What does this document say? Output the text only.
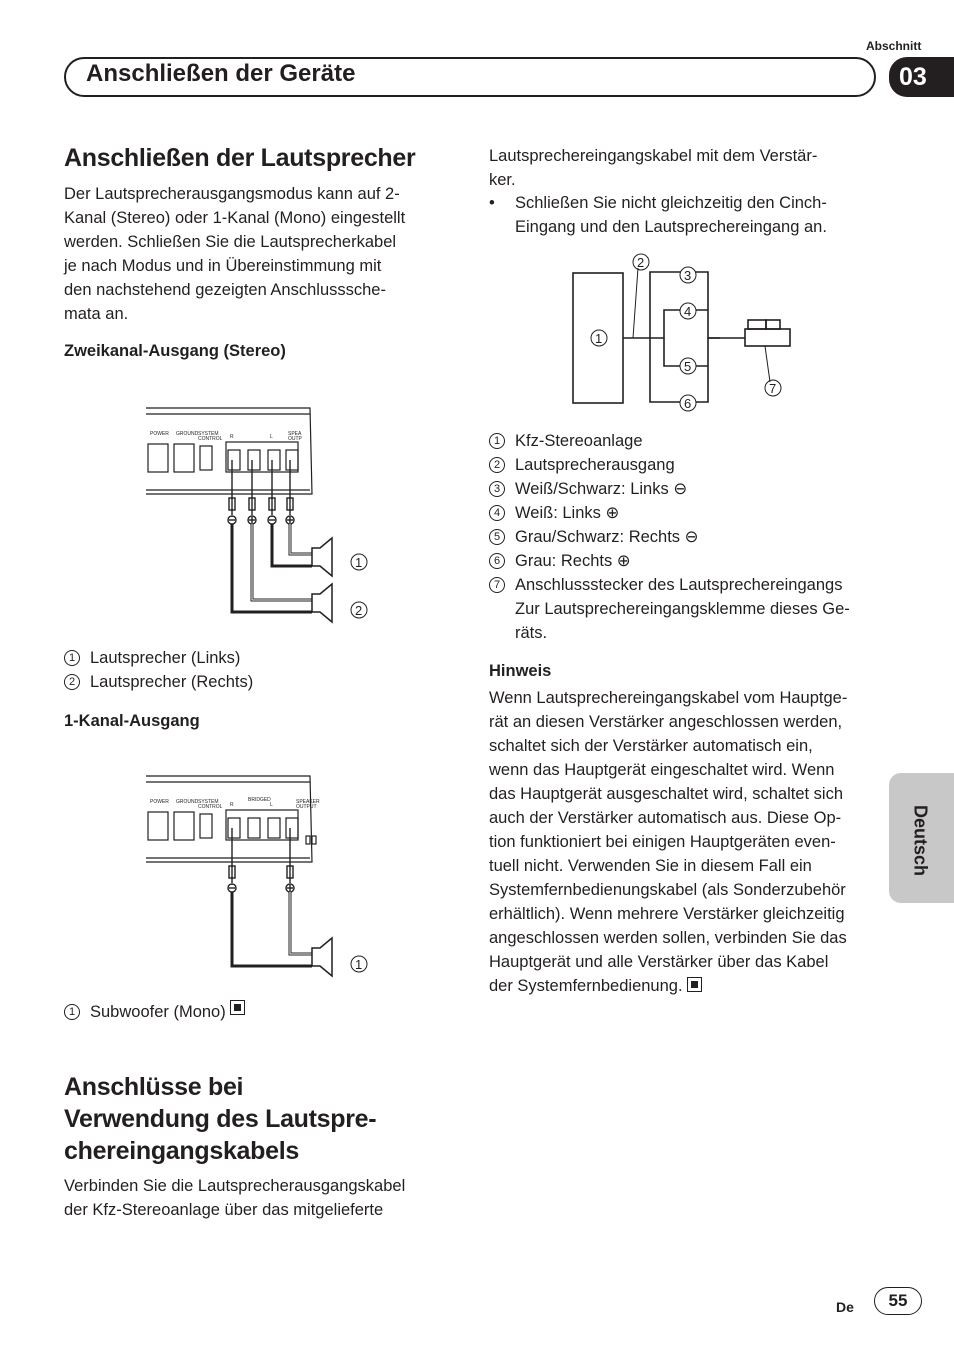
Abschnitt
Anschließen der Geräte	03
Anschließen der Lautsprecher
Der Lautsprecherausgangsmodus kann auf 2-
Kanal (Stereo) oder 1-Kanal (Mono) eingestellt
werden. Schließen Sie die Lautsprecherkabel
je nach Modus und in Übereinstimmung mit
den nachstehend gezeigten Anschlusssche-
mata an.
Zweikanal-Ausgang (Stereo)
POWER GROUND SYSTEM
CONTROL R	L	SPEA
OUTP
1
2
1 Lautsprecher (Links)
2 Lautsprecher (Rechts)
1-Kanal-Ausgang
POWER GROUND SYSTEM
CONTROL R
BRIDGED
L	SPEAKER
OUTPUT
1
1 Subwoofer (Mono)
Anschlüsse bei
Verwendung des Lautspre-
chereingangskabels
Verbinden Sie die Lautsprecherausgangskabel
der Kfz-Stereoanlage über das mitgelieferte
Lautsprechereingangskabel mit dem Verstär-
ker.
•	Schließen Sie nicht gleichzeitig den Cinch-
Eingang und den Lautsprechereingang an.
1
2
3
4
5
6
7
1 Kfz-Stereoanlage
2 Lautsprecherausgang
3 Weiß/Schwarz: Links ⊖
4 Weiß: Links ⊕
5 Grau/Schwarz: Rechts ⊖
6 Grau: Rechts ⊕
7 Anschlussstecker des Lautsprechereingangs
Zur Lautsprechereingangsklemme dieses Ge-
räts.
Hinweis
Wenn Lautsprechereingangskabel vom Hauptge-
rät an diesen Verstärker angeschlossen werden,
schaltet sich der Verstärker automatisch ein,
wenn das Hauptgerät eingeschaltet wird. Wenn
das Hauptgerät ausgeschaltet wird, schaltet sich
auch der Verstärker automatisch aus. Diese Op-
tion funktioniert bei einigen Hauptgeräten even-
tuell nicht. Verwenden Sie in diesem Fall ein
Systemfernbedienungskabel (als Sonderzubehör
erhältlich). Wenn mehrere Verstärker gleichzeitig
angeschlossen werden sollen, verbinden Sie das
Hauptgerät und alle Verstärker über das Kabel
der Systemfernbedienung.
Deutsch
De	55
